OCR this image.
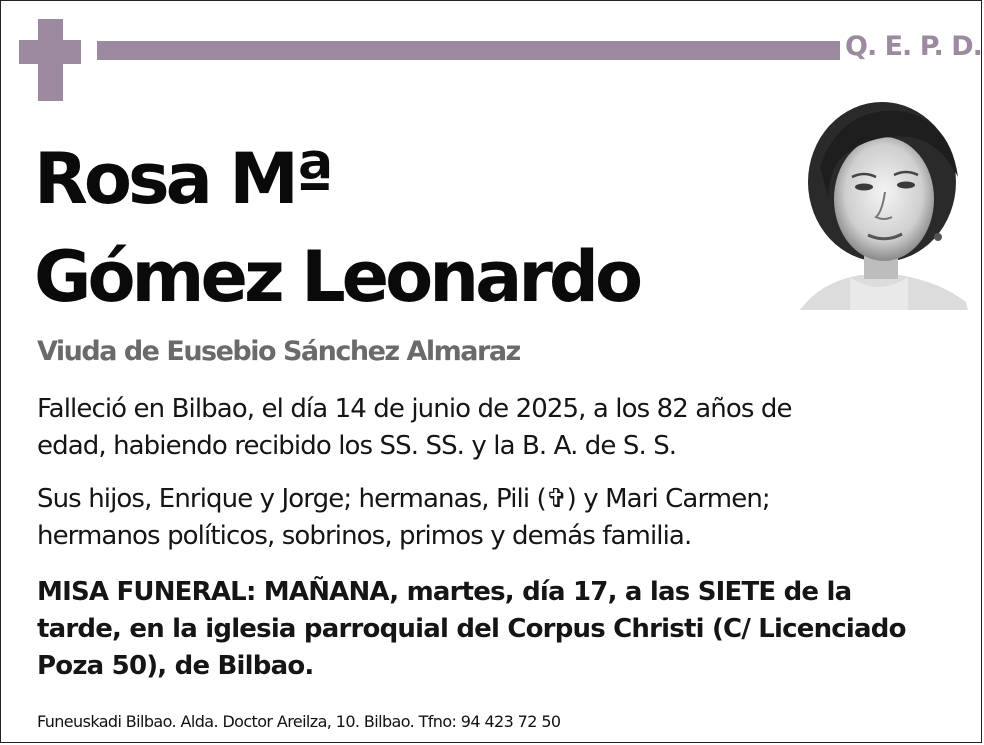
Q. E. P. D.
Rosa Mª
Gómez Leonardo
Viuda de Eusebio Sánchez Almaraz

Falleció en Bilbao, el día 14 de junio de 2025, a los 82 años de
edad, habiendo recibido los SS. SS. y la B. A. de S. S.

Sus hijos, Enrique y Jorge; hermanas, Pili (✞) y Mari Carmen;
hermanos políticos, sobrinos, primos y demás familia.

MISA FUNERAL: MAÑANA, martes, día 17, a las SIETE de la
tarde, en la iglesia parroquial del Corpus Christi (C/ Licenciado
Poza 50), de Bilbao.

Funeuskadi Bilbao. Alda. Doctor Areilza, 10. Bilbao. Tfno: 94 423 72 50
